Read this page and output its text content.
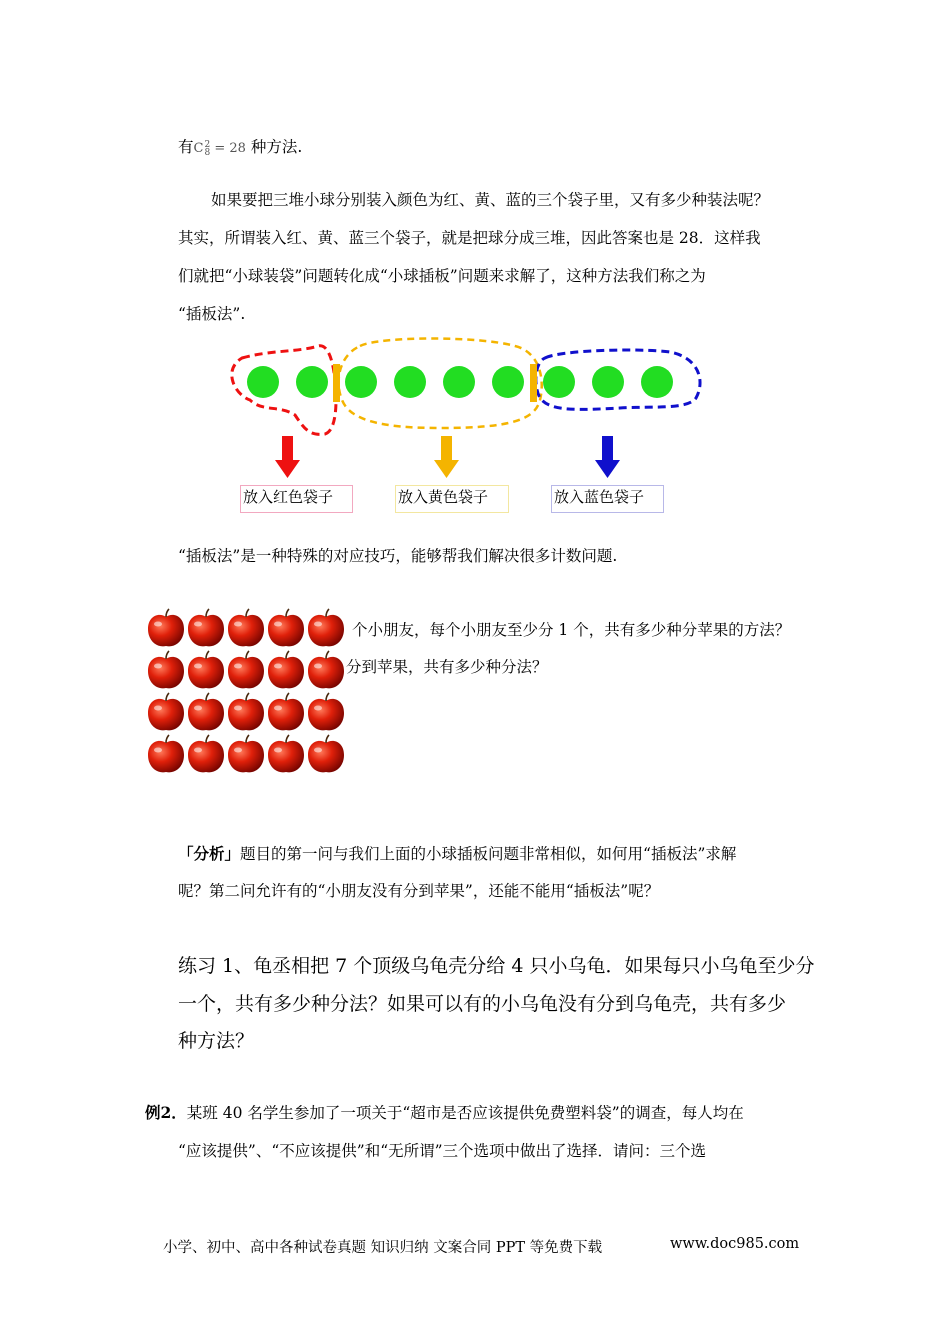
有C 2
8 = 28 种方法.
如果要把三堆小球分别装入颜色为红、黄、蓝的三个袋子里，又有多少种装法呢？
其实，所谓装入红、黄、蓝三个袋子，就是把球分成三堆，因此答案也是 28．这样我
们就把“小球装袋”问题转化成“小球插板”问题来求解了，这种方法我们称之为
“插板法”.
放入红色袋子	放入黄色袋子	放入蓝色袋子
“插板法”是一种特殊的对应技巧，能够帮我们解决很多计数问题.
个小朋友，每个小朋友至少分 1 个，共有多少种分苹果的方法？
分到苹果，共有多少种分法？
「分析」题目的第一问与我们上面的小球插板问题非常相似，如何用“插板法”求解
呢？第二问允许有的“小朋友没有分到苹果”，还能不能用“插板法”呢？
练习 1、龟丞相把 7 个顶级乌龟壳分给 4 只小乌龟．如果每只小乌龟至少分
一个，共有多少种分法？如果可以有的小乌龟没有分到乌龟壳，共有多少
种方法？
例2．某班 40 名学生参加了一项关于“超市是否应该提供免费塑料袋”的调查，每人均在
“应该提供”、“不应该提供”和“无所谓”三个选项中做出了选择．请问：三个选
小学、初中、高中各种试卷真题 知识归纳 文案合同 PPT 等免费下载	www.doc985.com
